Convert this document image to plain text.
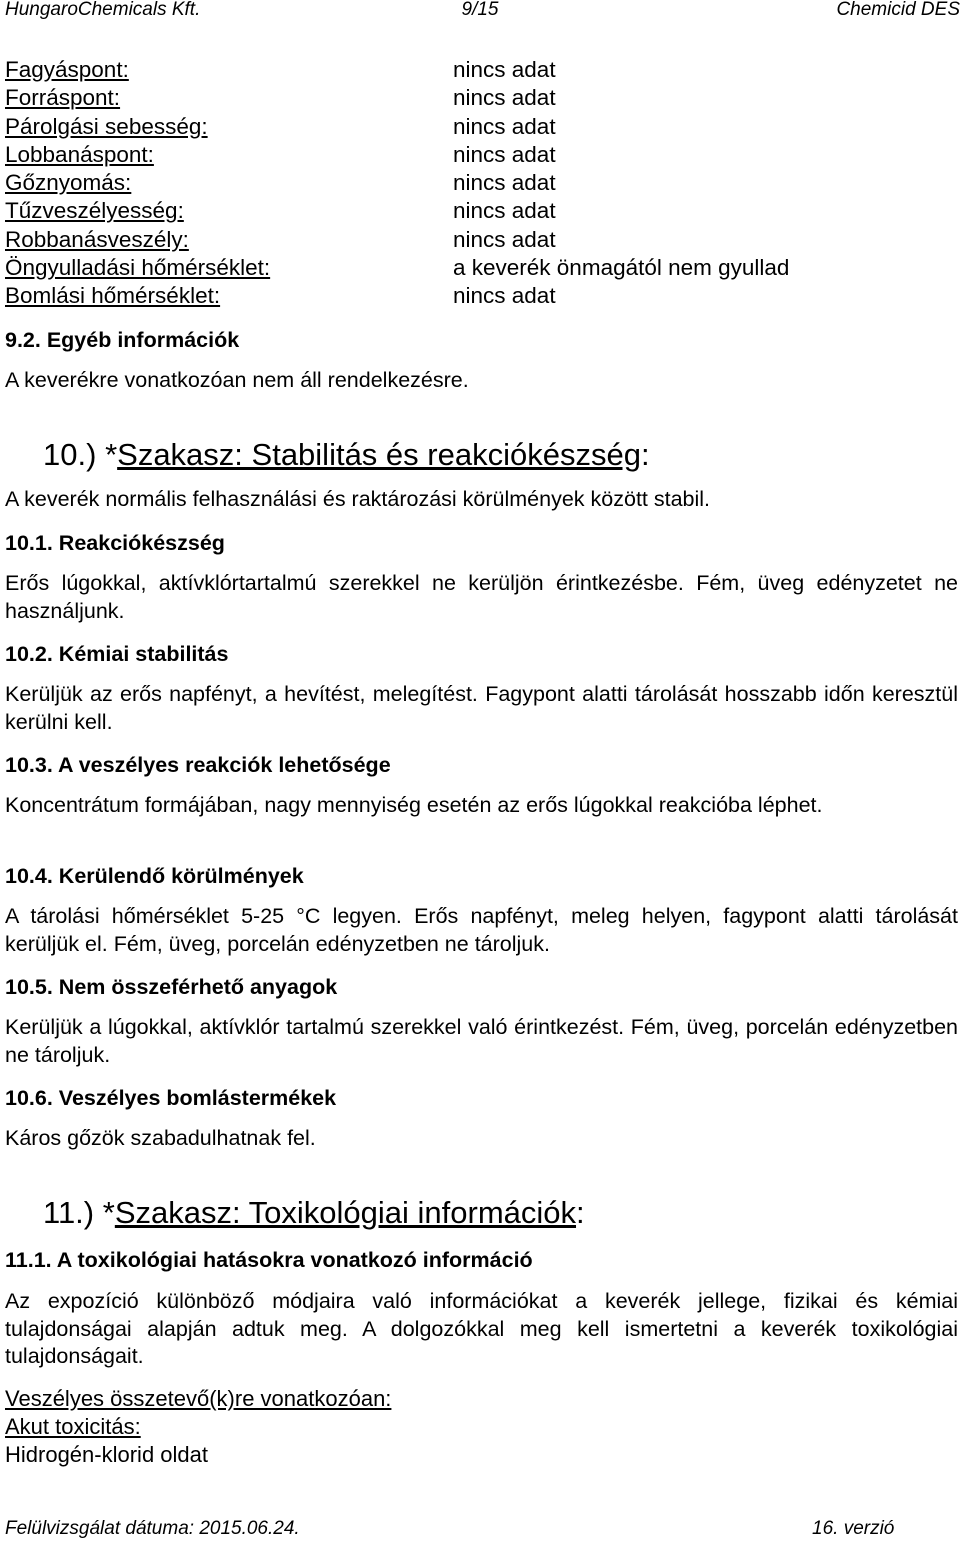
HungaroChemicals Kft.	9/15	Chemicid DES
Fagyáspont:	nincs adat
Forráspont:	nincs adat
Párolgási sebesség:	nincs adat
Lobbanáspont:	nincs adat
Gőznyomás:	nincs adat
Tűzveszélyesség:	nincs adat
Robbanásveszély:	nincs adat
Öngyulladási hőmérséklet:	a keverék önmagától nem gyullad
Bomlási hőmérséklet:	nincs adat
9.2. Egyéb információk
A keverékre vonatkozóan nem áll rendelkezésre.
10.) *Szakasz: Stabilitás és reakciókészség:
A keverék normális felhasználási és raktározási körülmények között stabil.
10.1. Reakciókészség
Erős lúgokkal, aktívklórtartalmú szerekkel ne kerüljön érintkezésbe. Fém, üveg edényzetet ne használjunk.
10.2. Kémiai stabilitás
Kerüljük az erős napfényt, a hevítést, melegítést. Fagypont alatti tárolását hosszabb időn keresztül kerülni kell.
10.3. A veszélyes reakciók lehetősége
Koncentrátum formájában, nagy mennyiség esetén az erős lúgokkal reakcióba léphet.
10.4. Kerülendő körülmények
A tárolási hőmérséklet 5-25 °C legyen. Erős napfényt, meleg helyen, fagypont alatti tárolását kerüljük el. Fém, üveg, porcelán edényzetben ne tároljuk.
10.5. Nem összeférhető anyagok
Kerüljük a lúgokkal, aktívklór tartalmú szerekkel való érintkezést. Fém, üveg, porcelán edényzetben ne tároljuk.
10.6. Veszélyes bomlástermékek
Káros gőzök szabadulhatnak fel.
11.) *Szakasz: Toxikológiai információk:
11.1. A toxikológiai hatásokra vonatkozó információ
Az expozíció különböző módjaira való információkat a keverék jellege, fizikai és kémiai tulajdonságai alapján adtuk meg. A dolgozókkal meg kell ismertetni a keverék toxikológiai tulajdonságait.
Veszélyes összetevő(k)re vonatkozóan:
Akut toxicitás:
Hidrogén-klorid oldat
Felülvizsgálat dátuma: 2015.06.24.	16. verzió
